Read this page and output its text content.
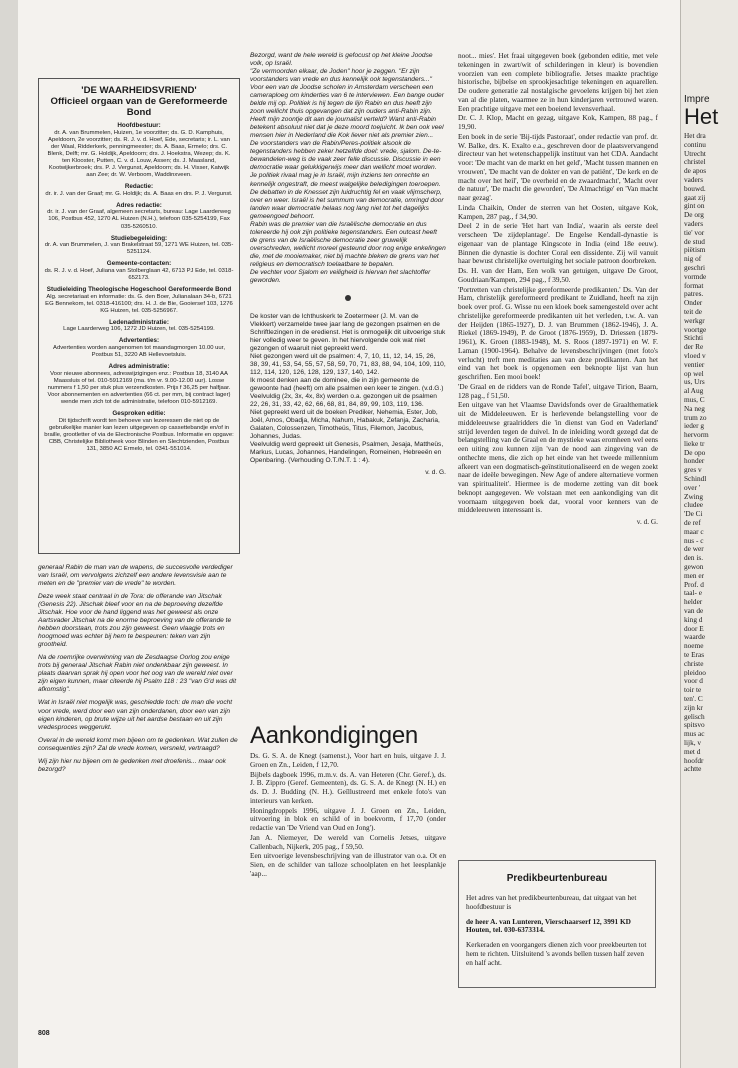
'DE WAARHEIDSVRIEND'
Officieel orgaan van de Gereformeerde Bond
Hoofdbestuur:

dr. A. van Brummelen, Huizen, 1e voorzitter; ds. G. D. Kamphuis, Apeldoorn, 2e voorzitter; ds. R. J. v. d. Hoef, Ede, secretaris; ir. L. van der Waal, Ridderkerk, penningmeester; ds. A. Baas, Ermelo; drs. C. Blenk, Delft; mr. G. Holdijk, Apeldoorn; drs. J. Hoekstra, Wezep; ds. K. ten Klooster, Putten, C. v. d. Louw, Assen; ds. J. Maasland, Kootwijkerbroek; drs. P. J. Vergunst, Apeldoorn; ds. H. Visser, Katwijk aan Zee; dr. W. Verboom, Waddinxveen.

Redactie:

dr. ir. J. van der Graaf; mr. G. Holdijk; ds. A. Baas en drs. P. J. Vergunst.

Adres redactie:

dr. ir. J. van der Graaf, algemeen secretaris, bureau: Lage Laarderweg 106, Postbus 452, 1270 AL Huizen (N.H.), telefoon 035-5254199, Fax 035-5260510.

Studiebegeleiding:

dr. A. van Brummelen, J. van Brakelstraat 59, 1271 WE Huizen, tel. 035-5251124.

Gemeente-contacten:

ds. R. J. v. d. Hoef, Juliana van Stolberglaan 42, 6713 PJ Ede, tel. 0318-652173.

Studieleiding Theologische Hogeschool Gereformeerde Bond

Alg. secretariaat en informatie: ds. G. den Boer, Julianalaan 34-b, 6721 EG Bennekom, tel. 0318-416100; drs. H. J. de Bie, Gooiersef 103, 1276 KG Huizen, tel. 035-5256967.

Ledenadministratie:

Lage Laarderweg 106, 1272 JD Huizen, tel. 035-5254199.

Advertenties:

Advertenties worden aangenomen tot maandagmorgen 10.00 uur, Postbus 51, 3220 AB Hellevoetsluis.

Adres administratie:

Voor nieuwe abonnees, adreswijzigingen enz.: Postbus 18, 3140 AA Maassluis of tel. 010-5912169 (ma. t/m vr. 9.00-12.00 uur). Losse nummers f 1,50 per stuk plus verzendkosten. Prijs f 36,25 per halfjaar. Voor abonnementen en advertenties (66 ct. per mm, bij contract lager) wende men zich tot de administratie, telefoon 010-5912169.

Gesproken editie:

Dit tijdschrift wordt ten behoeve van lezeressen die niet op de gebruikelijke manier kan lezen uitgegeven op cassettebandje en/of in braille, grootletter of via de Electronische Postbus. Informatie en opgave: CBB, Christelijke Bibliotheek voor Blinden en Slechtzienden, Postbus 131, 3850 AC Ermelo, tel. 0341-551014.

generaal Rabin de man van de wapens, de succesvolle verdediger van Israël, om vervolgens zichzelf een andere levensvisie aan te meten en de "premier van de vrede" te worden.

Deze week staat centraal in de Tora: de offerande van Jitschak (Genesis 22). Jitschak bleef voor en na de beproeving dezelfde Jitschak. Hoe voor de hand liggend was het geweest als onze Aartsvader Jitschak na de enorme beproeving van de offerande te hebben doorstaan, trots zou zijn geweest. Geen vlaagje trots en hoogmoed was echter bij hem te bespeuren: teken van zijn grootheid.

Na de roemrijke overwinning van de Zesdaagse Oorlog zou enige trots bij generaal Jitschak Rabin niet ondenkbaar zijn geweest. In plaats daarvan sprak hij open voor het oog van de wereld niet over zijn eigen kunnen, maar citeerde hij Psalm 118 : 23 "van G'd was dit afkomstig".

Wat in Israël niet mogelijk was, geschiedde toch: de man die vocht voor vrede, werd door een van zijn onderdanen, door een van zijn eigen kinderen, op brute wijze uit het aardse bestaan en uit zijn vredesproces weggerukt.

Overal in de wereld komt men bijeen om te gedenken. Wat zullen de consequenties zijn? Zal de vrede komen, versneld, vertraagd?

Wij zijn hier nu bijeen om te gedenken met droefenis... maar ook bezorgd?

Bezorgd, want de hele wereld is gefocust op het kleine Joodse volk, op Israël.
"Ze vermoorden elkaar, de Joden" hoor je zeggen. "Er zijn voorstanders van vrede en dus kennelijk ook tegenstanders..."
Voor een van de Joodse scholen in Amsterdam verscheen een cameraploeg om kinderties van 6 te interviewen. Een bange ouder belde mij op. Politiek is hij tegen de lijn Rabin en dus heeft zijn zoon wellicht thuis opgevangen dat zijn ouders anti-Rabin zijn. Heeft mijn zoontje dit aan de journalist verteld? Want anti-Rabin betekent absoluut niet dat je deze moord toejuicht. Ik ben ook veel mensen hier in Nederland die Kok liever niet als premier zien...
De voorstanders van de Rabin/Peres-politiek alsook de tegenstanders hebben zeker hetzelfde doel: vrede, sjalom. De-te-bewandelen-weg is de vaak zeer felle discussie. Discussie in een democratie waar gelukkigerwijs meer dan wellicht moet worden.
Je politiek rivaal mag je in Israël, mijn inziens ten onrechte en kennelijk ongestraft, de meest walgelijke beledigingen toeroepen. De debatten in de Knesset zijn luidruchtig fel en vaak vlijmscherp, over en weer. Israël is het summum van democratie, omringd door landen waar democratie helaas nog lang niet tot het dagelijks gemeengoed behoort.
Rabin was de premier van die Israëlische democratie en dus tolereerde hij ook zijn politieke tegenstanders. Een outcast heeft de grens van de Israëlische democratie zeer gruwelijk overschreden, wellicht moreel gesteund door nog enige enkelingen die, met de mooiemaker, niet bij machte bleken de grens van het religieus en democratisch toelaatbare te bepalen.
De vechter voor Sjalom en veiligheid is hiervan het slachtoffer geworden.
De koster van de Ichthuskerk te Zoetermeer (J. M. van de Vlekkert) verzamelde twee jaar lang de gezongen psalmen en de Schriftlezingen in de eredienst. Het is onmogelijk dit uitvoerige stuk hier volledig weer te geven. In het hiervolgende ook wat niet gezongen of waaruit niet gepreekt werd.
Niet gezongen werd uit de psalmen: 4, 7, 10, 11, 12, 14, 15, 26, 38, 39, 41, 53, 54, 55, 57, 58, 59, 70, 71, 83, 88, 94, 104, 109, 110, 112, 114, 120, 126, 128, 129, 137, 140, 142.
Ik moest denken aan de dominee, die in zijn gemeente de gewoonte had (heeft) om alle psalmen een keer te zingen. (v.d.G.)
Veelvuldig (2x, 3x, 4x, 8x) werden o.a. gezongen uit de psalmen 22, 26, 31, 33, 42, 62, 66, 68, 81, 84, 89, 99, 103, 119, 136.
Niet gepreekt werd uit de boeken Prediker, Nehemia, Ester, Job, Joël, Amos, Obadja, Micha, Nahum, Habakuk, Zefanja, Zacharia, Galaten, Colossenzen, Timotheüs, Titus, Filemon, Jacobus, Johannes, Judas.
Veelvuldig werd gepreekt uit Genesis, Psalmen, Jesaja, Mattheüs, Markus, Lucas, Johannes, Handelingen, Romeinen, Hebreeën en Openbaring. (Verhouding O.T./N.T. 1 : 4).
v. d. G.
Aankondigingen

Ds. G. S. A. de Knegt (samenst.), Voor hart en huis, uitgave J. J. Groen en Zn., Leiden, f 12,70.

Bijbels dagboek 1996, m.m.v. ds. A. van Heteren (Chr. Geref.), ds. J. B. Zippro (Geref. Gemeenten), ds. G. S. A. de Knegt (N. H.) en ds. D. J. Budding (N. H.). Geïllustreerd met enkele foto's van interieurs van kerken.

Honingdroppels 1996, uitgave J. J. Groen en Zn., Leiden, uitvoering in blok en schild of in boekvorm, f 17,70 (onder redactie van 'De Vriend van Oud en Jong').

Jan A. Niemeyer, De wereld van Cornelis Jetses, uitgave Callenbach, Nijkerk, 205 pag., f 59,50.

Een uitvoerige levensbeschrijving van de illustrator van o.a. Ot en Sien, en de schilder van talloze schoolplaten en het leesplankje 'aap...

noot... mies'. Het fraai uitgegeven boek (gebonden editie, met vele tekeningen in zwart/wit of schilderingen in kleur) is bovendien voorzien van een complete bibliografie. Jetses maakte prachtige historische, bijbelse en sprookjesachtige tekeningen en aquarellen. De oudere generatie zal nostalgische gevoelens krijgen bij het zien van al die platen, waarmee ze in hun kinderjaren vertrouwd waren. Een prachtige uitgave met een boeiend levensverhaal.

Dr. C. J. Klop, Macht en gezag, uitgave Kok, Kampen, 88 pag., f 19,90.

Een boek in de serie 'Bij-tijds Pastoraat', onder redactie van prof. dr. W. Balke, drs. K. Exalto e.a., geschreven door de plaatsvervangend directeur van het wetenschappelijk instituut van het CDA. Aandacht voor: 'De macht van de markt en het geld', 'Macht tussen mannen en vrouwen', 'De macht van de dokter en van de patiënt', 'De kerk en de macht over het heil', 'De overheid en de zwaardmacht', 'Macht over de natuur', 'De macht die geworden', 'De Almachtige' en 'Van macht naar gezag'.

Linda Chaikin, Onder de sterren van het Oosten, uitgave Kok, Kampen, 287 pag., f 34,90.

Deel 2 in de serie 'Het hart van India', waarin als eerste deel verscheen 'De zijdeplantage'. De Engelse Kendall-dynastie is eigenaar van de plantage Kingscote in India (eind 18e eeuw). Binnen die dynastie is dochter Coral een dissidente. Zij wil vanuit haar bewust christelijke overtuiging het sociale patroon doorbreken.

Ds. H. van der Ham, Een wolk van getuigen, uitgave De Groot, Goudriaan/Kampen, 294 pag., f 39,50.

'Portretten van christelijke gereformeerde predikanten.' Ds. Van der Ham, christelijk gereformeerd predikant te Zuidland, heeft na zijn boek over prof. G. Wisse nu een kloek boek samengesteld over acht christelijke gereformeerde predikanten uit het verleden, t.w. A. van der Heijden (1865-1927), D. J. van Brummen (1862-1946), J. A. Riekel (1869-1949), P. de Groot (1876-1959), D. Driessen (1879-1961), K. Groen (1883-1948), M. S. Roos (1897-1971) en W. F. Laman (1900-1964). Behalve de levensbeschrijvingen (met foto's verlucht) treft men meditaties aan van deze predikanten. Aan het eind van het boek is opgenomen een beknopte lijst van hun geschriften. Een mooi boek!

'De Graal en de ridders van de Ronde Tafel', uitgave Tirion, Baarn, 128 pag., f 51,50.

Een uitgave van het Vlaamse Davidsfonds over de Graalthematiek uit de Middeleeuwen. Er is herlevende belangstelling voor de middeleeuwse graalridders die 'in dienst van God en Vaderland' strijd leverden tegen de duivel. In de inleiding wordt gezegd dat de belangstelling van de Graal en de mystieke waas eromheen wel eens een uiting zou kunnen zijn 'van de nood aan zingeving van de onthechte mens, die zich op het einde van het tweede millennium afkeert van een dogmatisch-geïnstitutionaliseerd en de wegen zoekt naar de ideële bewegingen. New Age of andere alternatieve vormen van spiritualiteit'. Hiermee is de moderne zetting van dit boek beknopt aangegeven. We volstaan met een aankondiging van dit voornaam uitgegeven boek dat, vooral voor kenners van de middeleeuwen interessant is.

v. d. G.
Predikbeurtenbureau

Het adres van het predikbeurtenbureau, dat uitgaat van het hoofdbestuur is

de heer A. van Lunteren, Vierschaarserf 12, 3991 KD Houten, tel. 030-6373314.

Kerkeraden en voorgangers dienen zich voor preekbeurten tot hem te richten. Uitsluitend 's avonds bellen tussen half zeven en half acht.

808
Impre
Het
Het dra
continu
Utrecht
christel
de apos
vaders
bouwd.
gaat zij
gint on
De org
vaders
tie' vor
de stud
piëtism
nig of
geschri
vormde
format
patres.
Onder
teit de
werkgr
voortge
Stichti
der Re
vloed v
ventier
op wel
us, Urs
al Aug
mus, C
Na neg
trum zo
ieder g
hervorm
lieke tr
De opo
honder
gres v
Schindl
over '
Zwing
cludee
'De Ci
de ref
maar c
nus - c
de wer
den is.
gewon
men er
Prof. d
taal- e
helder
van de
king d
door E
waarde
noeme
te Eras
christe
pleidoo
voor d
toir te
ten'. C
zijn kr
gelisch
spitsvo
mus ac
lijk, v
met d
hoofdr
achtte
